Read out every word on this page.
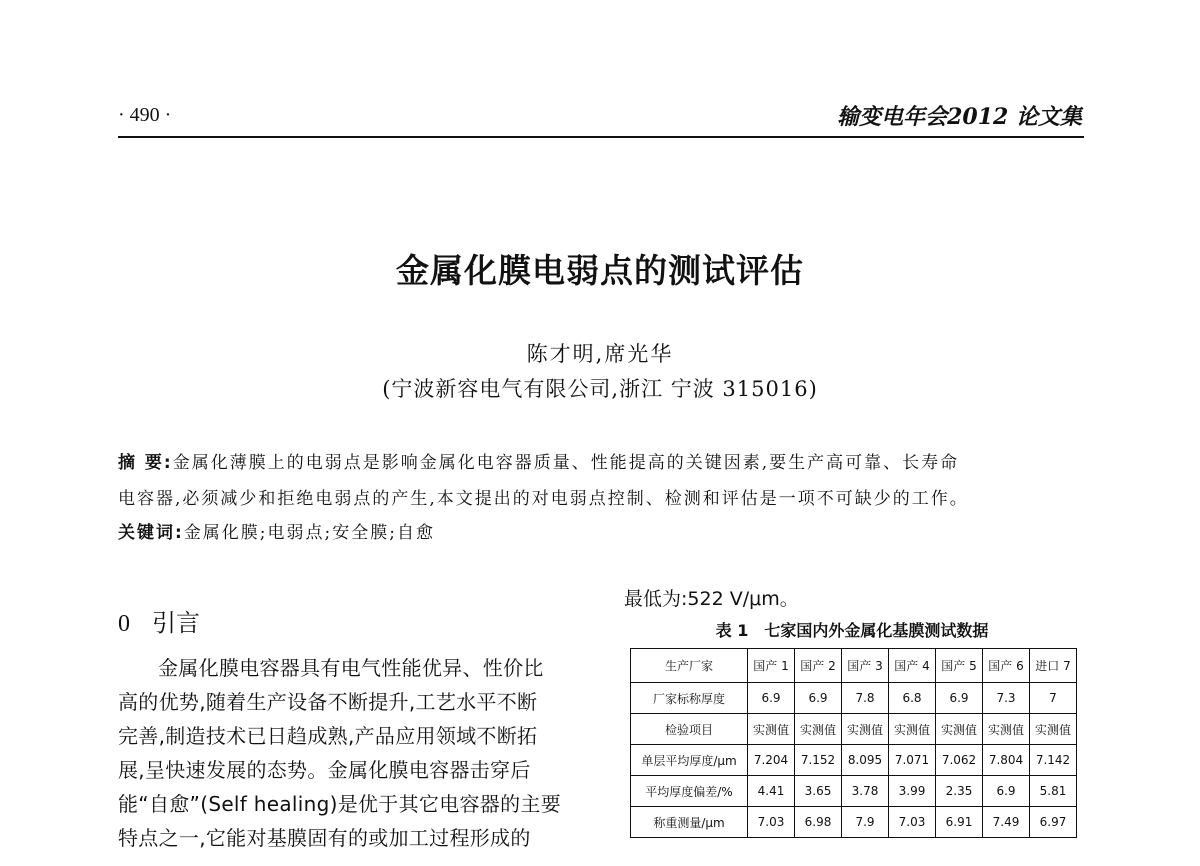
· 490 ·	输变电年会2012 论文集
金属化膜电弱点的测试评估
陈才明,席光华
(宁波新容电气有限公司,浙江 宁波 315016)
摘 要:金属化薄膜上的电弱点是影响金属化电容器质量、性能提高的关键因素,要生产高可靠、长寿命
电容器,必须减少和拒绝电弱点的产生,本文提出的对电弱点控制、检测和评估是一项不可缺少的工作。
关键词:金属化膜;电弱点;安全膜;自愈
0 引言

金属化膜电容器具有电气性能优异、性价比

高的优势,随着生产设备不断提升,工艺水平不断
完善,制造技术已日趋成熟,产品应用领域不断拓
展,呈快速发展的态势。金属化膜电容器击穿后
能“自愈”(Self healing)是优于其它电容器的主要
特点之一,它能对基膜固有的或加工过程形成的
最低为:522 V/μm。
表 1 七家国内外金属化基膜测试数据
生产厂家	国产 1	国产 2	国产 3	国产 4	国产 5	国产 6	进口 7
厂家标称厚度	6.9	6.9	7.8	6.8	6.9	7.3	7
检验项目	实测值	实测值	实测值	实测值	实测值	实测值	实测值
单层平均厚度/μm	7.204	7.152	8.095	7.071	7.062	7.804	7.142
平均厚度偏差/%	4.41	3.65	3.78	3.99	2.35	6.9	5.81
称重测量/μm	7.03	6.98	7.9	7.03	6.91	7.49	6.97
